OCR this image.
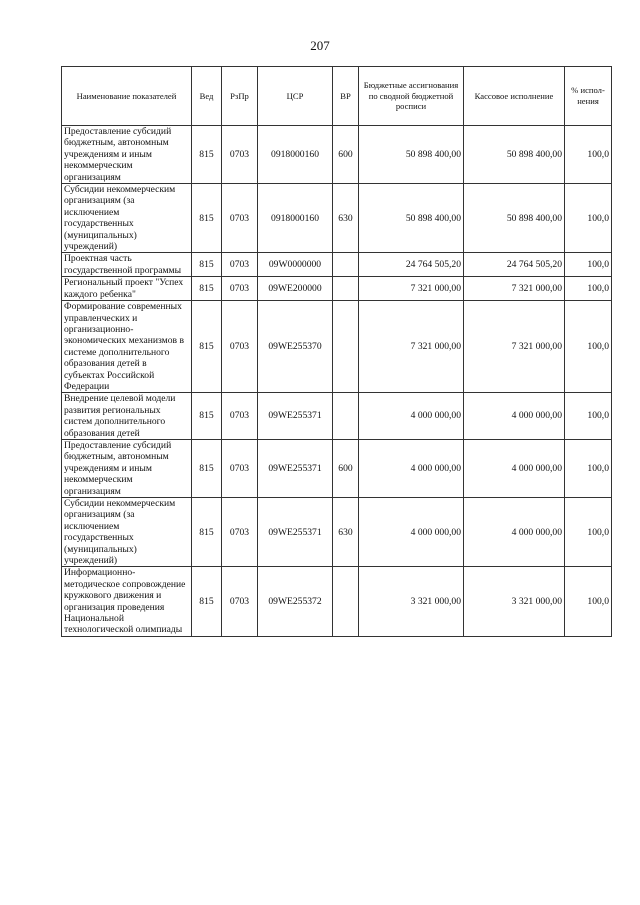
207
Наименование показателей	Вед	РзПр	ЦСР	ВР	Бюджетные ассигнования по сводной бюджетной росписи	Кассовое исполнение	% испол-нения
Предоставление субсидий бюджетным, автономным учреждениям и иным некоммерческим организациям	815	0703	0918000160	600	50 898 400,00	50 898 400,00	100,0
Субсидии некоммерческим организациям (за исключением государственных (муниципальных) учреждений)	815	0703	0918000160	630	50 898 400,00	50 898 400,00	100,0
Проектная часть государственной программы	815	0703	09W0000000		24 764 505,20	24 764 505,20	100,0
Региональный проект "Успех каждого ребенка"	815	0703	09WE200000		7 321 000,00	7 321 000,00	100,0
Формирование современных управленческих и организационно-экономических механизмов в системе дополнительного образования детей в субъектах Российской Федерации	815	0703	09WE255370		7 321 000,00	7 321 000,00	100,0
Внедрение целевой модели развития региональных систем дополнительного образования детей	815	0703	09WE255371		4 000 000,00	4 000 000,00	100,0
Предоставление субсидий бюджетным, автономным учреждениям и иным некоммерческим организациям	815	0703	09WE255371	600	4 000 000,00	4 000 000,00	100,0
Субсидии некоммерческим организациям (за исключением государственных (муниципальных) учреждений)	815	0703	09WE255371	630	4 000 000,00	4 000 000,00	100,0
Информационно-методическое сопровождение кружкового движения и организация проведения Национальной технологической олимпиады	815	0703	09WE255372		3 321 000,00	3 321 000,00	100,0
